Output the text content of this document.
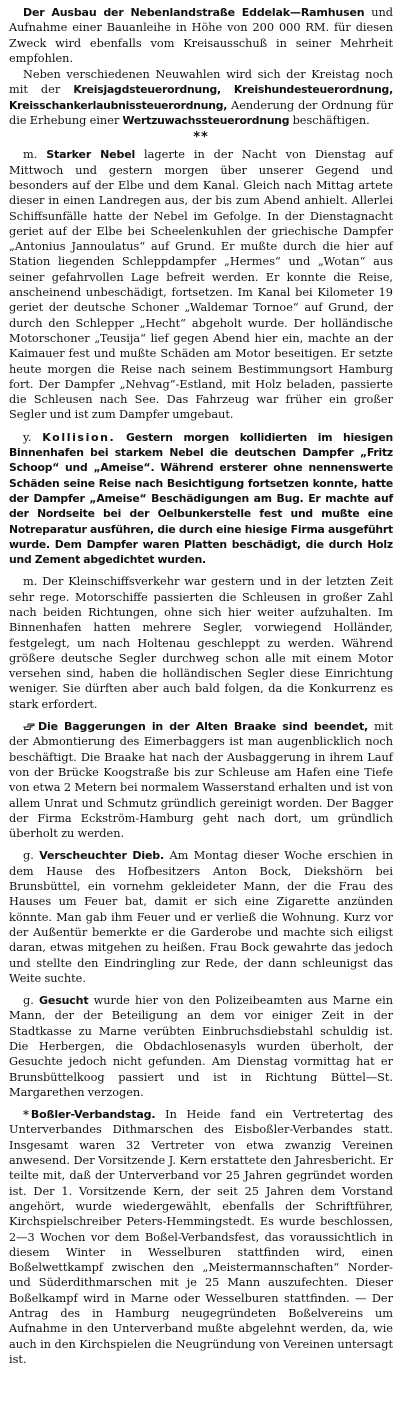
Der Ausbau der Nebenlandstraße Eddelak—Ramhusen und Aufnahme einer Bauanleihe in Höhe von 200 000 RM. für diesen Zweck wird ebenfalls vom Kreisausschuß in seiner Mehrheit empfohlen.

Neben verschiedenen Neuwahlen wird sich der Kreistag noch mit der Kreisjagdsteuerordnung, Kreishundesteuerordnung, Kreisschankerlaubnissteuerordnung, Aenderung der Ordnung für die Erhebung einer Wertzuwachssteuerordnung beschäftigen.

**

m. Starker Nebel lagerte in der Nacht von Dienstag auf Mittwoch und gestern morgen über unserer Gegend und besonders auf der Elbe und dem Kanal. Gleich nach Mittag artete dieser in einen Landregen aus, der bis zum Abend anhielt. Allerlei Schiffsunfälle hatte der Nebel im Gefolge. In der Dienstagnacht geriet auf der Elbe bei Scheelenkuhlen der griechische Dampfer „Antonius Jannoulatus“ auf Grund. Er mußte durch die hier auf Station liegenden Schleppdampfer „Hermes“ und „Wotan“ aus seiner gefahrvollen Lage befreit werden. Er konnte die Reise, anscheinend unbeschädigt, fortsetzen. Im Kanal bei Kilometer 19 geriet der deutsche Schoner „Waldemar Tornoe“ auf Grund, der durch den Schlepper „Hecht“ abgeholt wurde. Der holländische Motorschoner „Teusija“ lief gegen Abend hier ein, machte an der Kaimauer fest und mußte Schäden am Motor beseitigen. Er setzte heute morgen die Reise nach seinem Bestimmungsort Hamburg fort. Der Dampfer „Nehvag“-Estland, mit Holz beladen, passierte die Schleusen nach See. Das Fahrzeug war früher ein großer Segler und ist zum Dampfer umgebaut.

y. Kollision. Gestern morgen kollidierten im hiesigen Binnenhafen bei starkem Nebel die deutschen Dampfer „Fritz Schoop“ und „Ameise“. Während ersterer ohne nennenswerte Schäden seine Reise nach Besichtigung fortsetzen konnte, hatte der Dampfer „Ameise“ Beschädigungen am Bug. Er machte auf der Nordseite bei der Oelbunkerstelle fest und mußte eine Notreparatur ausführen, die durch eine hiesige Firma ausgeführt wurde. Dem Dampfer waren Platten beschädigt, die durch Holz und Zement abgedichtet wurden.

m. Der Kleinschiffsverkehr war gestern und in der letzten Zeit sehr rege. Motorschiffe passierten die Schleusen in großer Zahl nach beiden Richtungen, ohne sich hier weiter aufzuhalten. Im Binnenhafen hatten mehrere Segler, vorwiegend Holländer, festgelegt, um nach Holtenau geschleppt zu werden. Während größere deutsche Segler durchweg schon alle mit einem Motor versehen sind, haben die holländischen Segler diese Einrichtung weniger. Sie dürften aber auch bald folgen, da die Konkurrenz es stark erfordert.

Die Baggerungen in der Alten Braake sind beendet, mit der Abmontierung des Eimerbaggers ist man augenblicklich noch beschäftigt. Die Braake hat nach der Ausbaggerung in ihrem Lauf von der Brücke Koogstraße bis zur Schleuse am Hafen eine Tiefe von etwa 2 Metern bei normalem Wasserstand erhalten und ist von allem Unrat und Schmutz gründlich gereinigt worden. Der Bagger der Firma Eckström-Hamburg geht nach dort, um gründlich überholt zu werden.

g. Verscheuchter Dieb. Am Montag dieser Woche erschien in dem Hause des Hofbesitzers Anton Bock, Diekshörn bei Brunsbüttel, ein vornehm gekleideter Mann, der die Frau des Hauses um Feuer bat, damit er sich eine Zigarette anzünden könnte. Man gab ihm Feuer und er verließ die Wohnung. Kurz vor der Außentür bemerkte er die Garderobe und machte sich eiligst daran, etwas mitgehen zu heißen. Frau Bock gewahrte das jedoch und stellte den Eindringling zur Rede, der dann schleunigst das Weite suchte.

g. Gesucht wurde hier von den Polizeibeamten aus Marne ein Mann, der der Beteiligung an dem vor einiger Zeit in der Stadtkasse zu Marne verübten Einbruchsdiebstahl schuldig ist. Die Herbergen, die Obdachlosenasyls wurden überholt, der Gesuchte jedoch nicht gefunden. Am Dienstag vormittag hat er Brunsbüttelkoog passiert und ist in Richtung Büttel—St. Margarethen verzogen.

* Boßler-Verbandstag. In Heide fand ein Vertretertag des Unterverbandes Dithmarschen des Eisboßler-Verbandes statt. Insgesamt waren 32 Vertreter von etwa zwanzig Vereinen anwesend. Der Vorsitzende J. Kern erstattete den Jahresbericht. Er teilte mit, daß der Unterverband vor 25 Jahren gegründet worden ist. Der 1. Vorsitzende Kern, der seit 25 Jahren dem Vorstand angehört, wurde wiedergewählt, ebenfalls der Schriftführer, Kirchspielschreiber Peters-Hemmingstedt. Es wurde beschlossen, 2—3 Wochen vor dem Boßel-Verbandsfest, das voraussichtlich in diesem Winter in Wesselburen stattfinden wird, einen Boßelwettkampf zwischen den „Meistermannschaften“ Norder- und Süderdithmarschen mit je 25 Mann auszufechten. Dieser Boßelkampf wird in Marne oder Wesselburen stattfinden. — Der Antrag des in Hamburg neugegründeten Boßelvereins um Aufnahme in den Unterverband mußte abgelehnt werden, da, wie auch in den Kirchspielen die Neugründung von Vereinen untersagt ist.
